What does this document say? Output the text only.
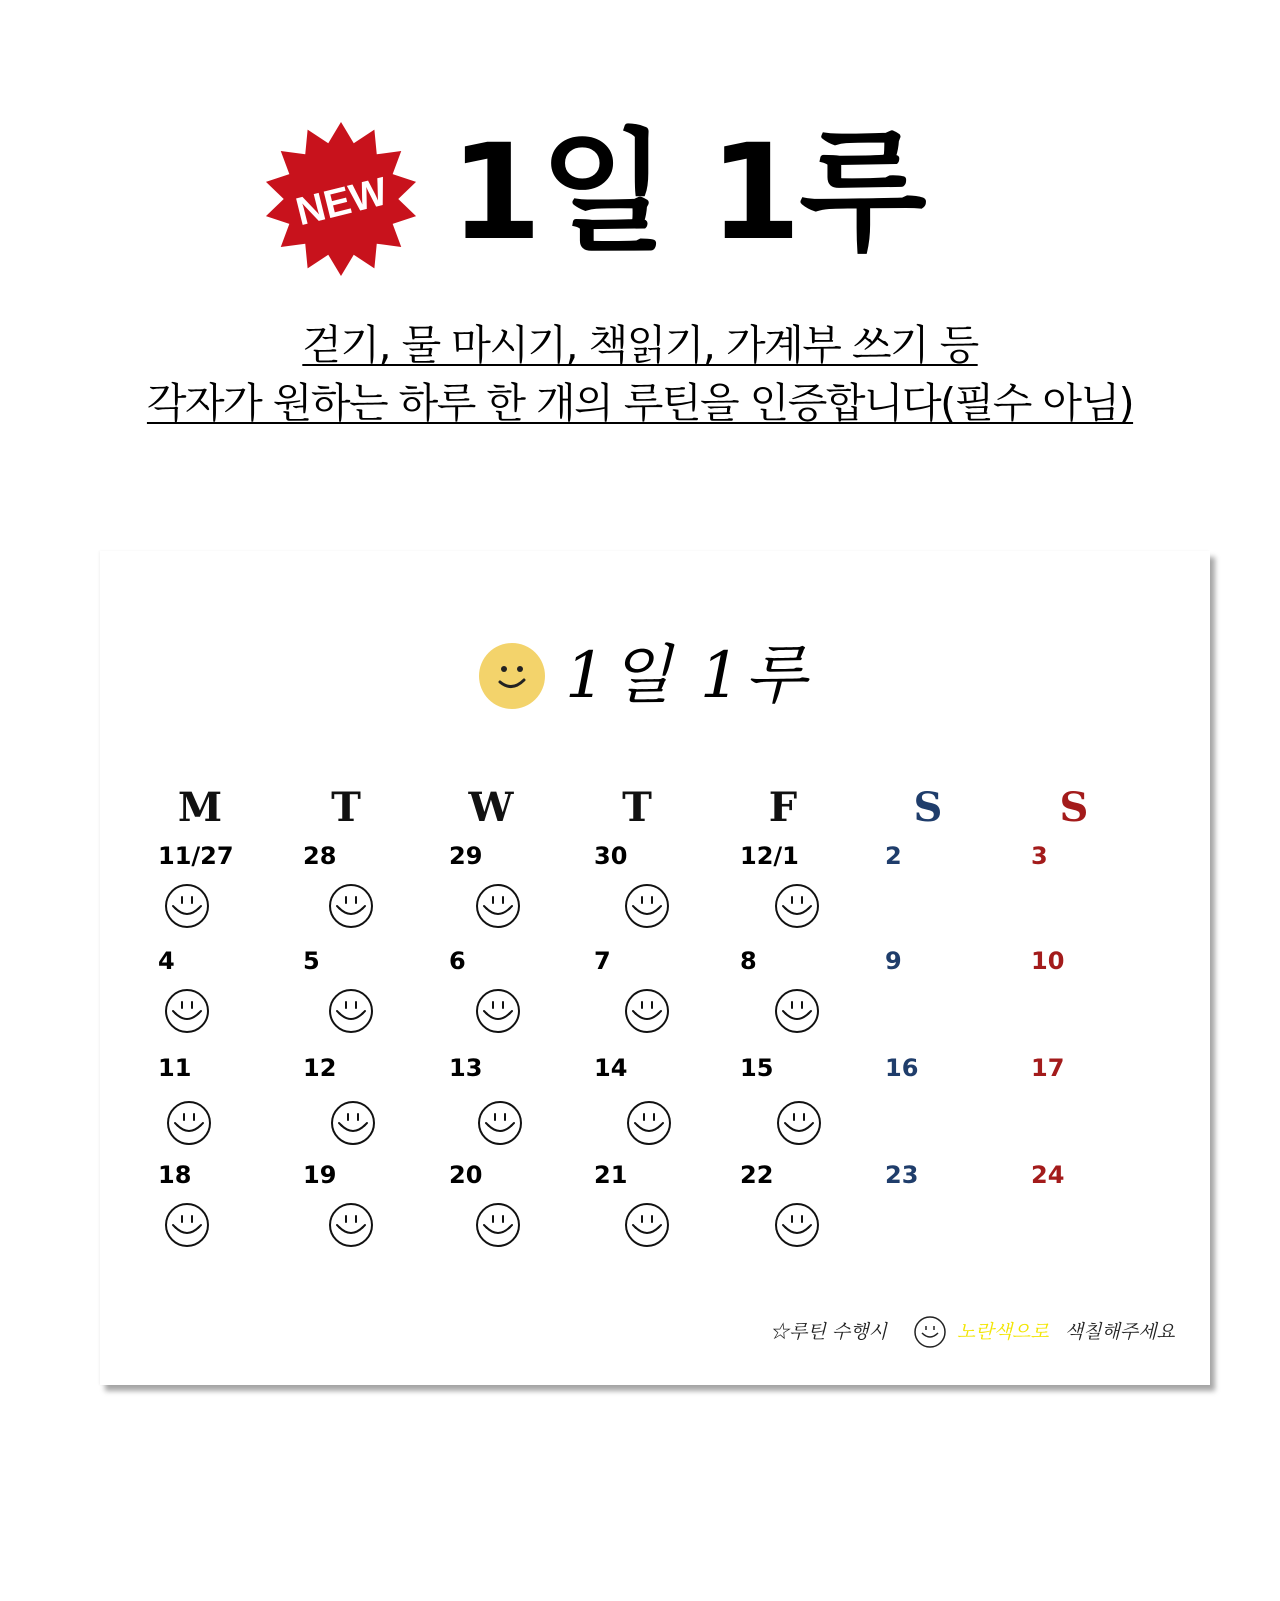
NEW 1일 1루
걷기, 물 마시기, 책읽기, 가계부 쓰기 등
각자가 원하는 하루 한 개의 루틴을 인증합니다(필수 아님)
1일 1루
M	T	W	T	F	S	S
11/27	28	29	30	12/1	2	3
4	5	6	7	8	9	10
11	12	13	14	15	16	17
18	19	20	21	22	23	24
☆루틴 수행시	노란색으로 색칠해주세요
